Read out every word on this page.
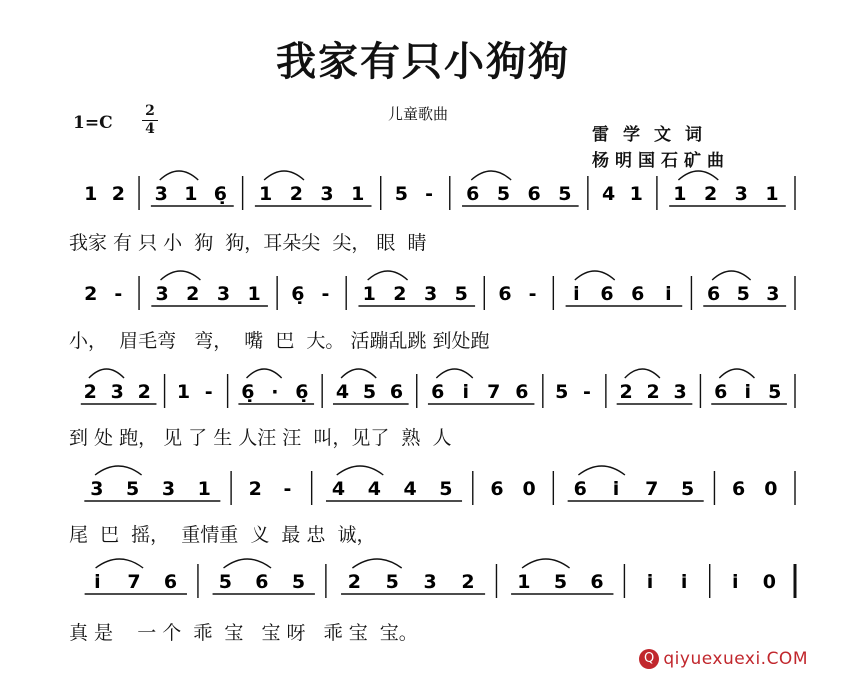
我家有只小狗狗
儿童歌曲
1=C
2
4	雷学文词
杨明国石矿曲
1 2 3 1 6̣ 1 2 3 1 5 - 6 5 6 5 4 1 1 2 3 1
2 - 3 2 3 1 6̣ - 1 2 3 5 6 - i 6 6 i 6 5 3
2 3 2 1 - 6̣ · 6̣ 4 5 6 6 i 7 6 5 - 2 2 3 6 i 5
3 5 3 1 2 - 4 4 4 5 6 0 6 i 7 5 6 0
i 7 6 5 6 5 2 5 3 2 1 5 6 i i i 0
我家 有 只 小  狗  狗，耳朵尖  尖， 眼  睛
小，  眉毛弯   弯，  嘴  巴  大。 活蹦乱跳 到处跑
到 处 跑， 见 了 生 人汪 汪  叫，见了  熟  人
尾  巴  摇，  重情重  义  最 忠  诚，
真 是    一 个  乖  宝   宝 呀   乖 宝  宝。
Q qiyuexuexi.COM
